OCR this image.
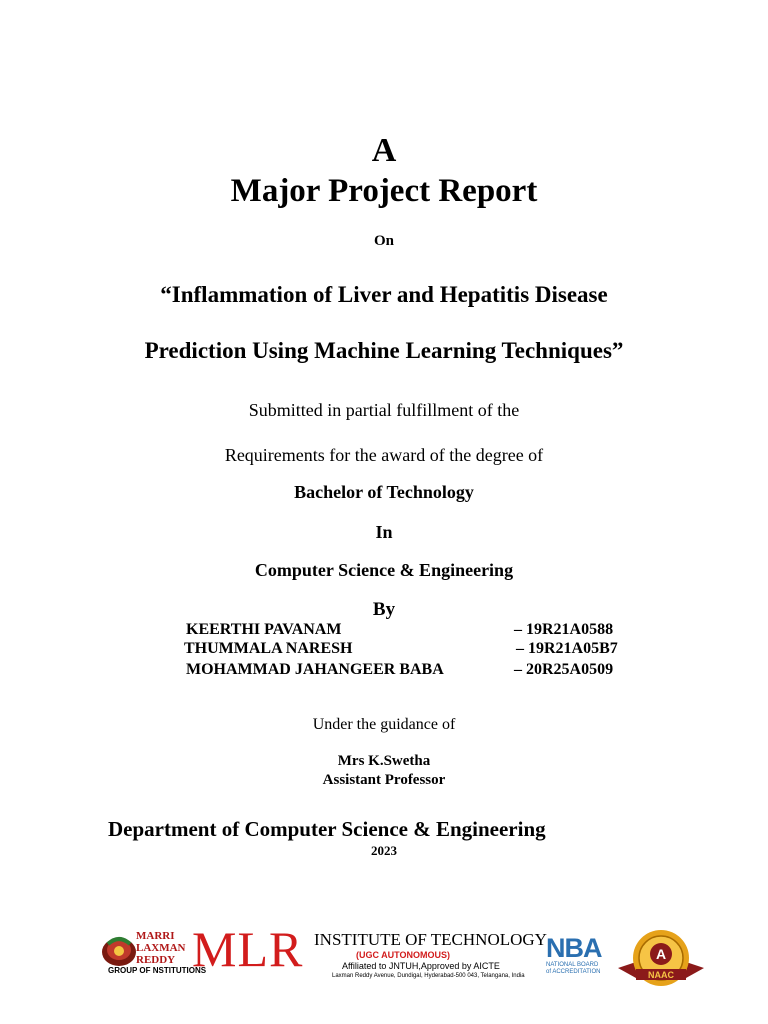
A
Major Project Report
On
“Inflammation of Liver and Hepatitis Disease
Prediction Using Machine Learning Techniques”
Submitted in partial fulfillment of the
Requirements for the award of the degree of
Bachelor of Technology
In
Computer Science & Engineering
By
KEERTHI PAVANAM	– 19R21A0588
THUMMALA NARESH	– 19R21A05B7
MOHAMMAD JAHANGEER BABA	– 20R25A0509
Under the guidance of
Mrs K.Swetha
Assistant Professor
Department of Computer Science & Engineering
2023
MARRI
LAXMAN
REDDY
GROUP OF NSTITUTIONS
MLR INSTITUTE OF TECHNOLOGY
(UGC AUTONOMOUS)
Affiliated to JNTUH,Approved by AICTE
Laxman Reddy Avenue, Dundigal, Hyderabad-500 043, Telangana, India
NBA
NATIONAL BOARD
of ACCREDITATION
A
NAAC
